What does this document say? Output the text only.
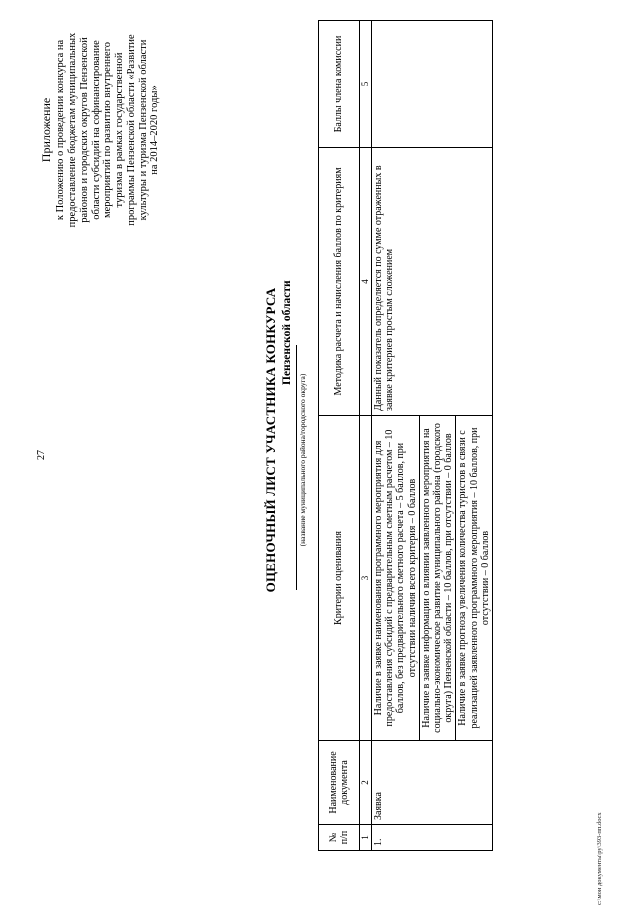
27
Приложение к Положению о проведении конкурса на предоставление бюджетам муниципальных районов и городских округов Пензенской области субсидий на софинансирование мероприятий по развитию внутреннего туризма в рамках государственной программы Пензенской области «Развитие культуры и туризма Пензенской области на 2014–2020 годы»
ОЦЕНОЧНЫЙ ЛИСТ УЧАСТНИКА КОНКУРСА Пензенской области
(название муниципального района/городского округа)
№ п/п	Наименование документа	Критерии оценивания	Методика расчета и начисления баллов по критериям	Баллы члена комиссии
1	2	3	4	5
1.	Заявка	Наличие в заявке наименования программного мероприятия для предоставления субсидий с предварительным сметным расчетом – 10 баллов, без предварительного сметного расчета – 5 баллов, при отсутствии наличия всего критерия – 0 баллов	Данный показатель определяется по сумме отраженных в заявке критериев простым сложением	

		Наличие в заявке информации о влиянии заявленного мероприятия на социально-экономическое развитие муниципального района (городского округа) Пензенской области – 10 баллов, при отсутствии – 0 баллов		

		Наличие в заявке прогноза увеличения количества туристов в связи с реализацией заявленного программного мероприятия – 10 баллов, при отсутствии – 0 баллов		
c:\мои документы\ру\393-пп.docx
